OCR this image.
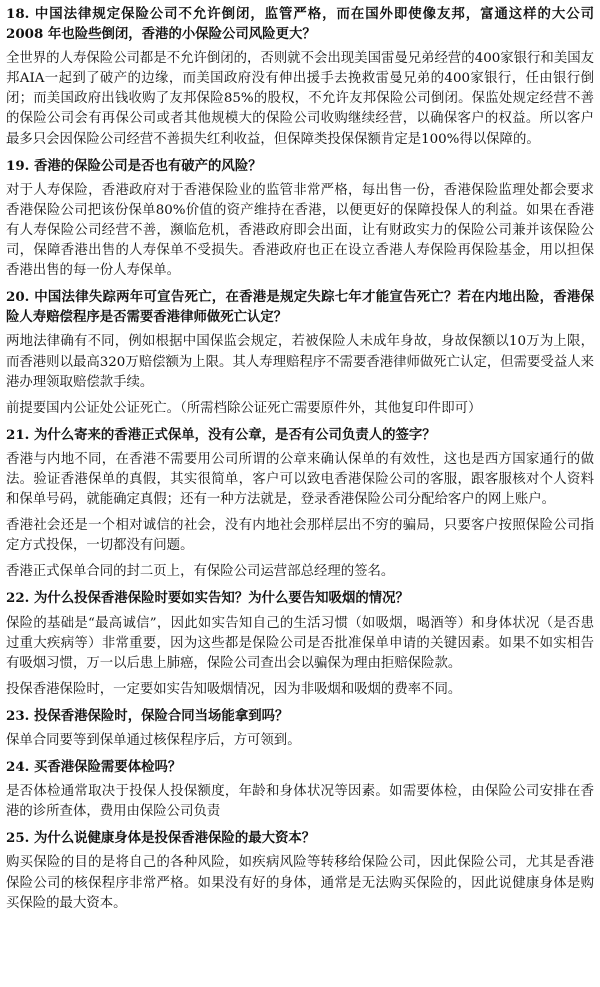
18. 中国法律规定保险公司不允许倒闭，监管严格，而在国外即使像友邦，富通这样的大公司 2008 年也险些倒闭，香港的小保险公司风险更大？

全世界的人寿保险公司都是不允许倒闭的，否则就不会出现美国雷曼兄弟经营的400家银行和美国友邦AIA一起到了破产的边缘，而美国政府没有伸出援手去挽救雷曼兄弟的400家银行，任由银行倒闭；而美国政府出钱收购了友邦保险85%的股权，不允许友邦保险公司倒闭。保监处规定经营不善的保险公司会有再保公司或者其他规模大的保险公司收购继续经营，以确保客户的权益。所以客户最多只会因保险公司经营不善损失红利收益，但保障类投保保额肯定是100%得以保障的。

19. 香港的保险公司是否也有破产的风险？

对于人寿保险，香港政府对于香港保险业的监管非常严格，每出售一份，香港保险监理处都会要求香港保险公司把该份保单80%价值的资产维持在香港，以便更好的保障投保人的利益。如果在香港有人寿保险公司经营不善，濒临危机，香港政府即会出面，让有财政实力的保险公司兼并该保险公司，保障香港出售的人寿保单不受损失。香港政府也正在设立香港人寿保险再保险基金，用以担保香港出售的每一份人寿保单。

20. 中国法律失踪两年可宣告死亡，在香港是规定失踪七年才能宣告死亡？若在内地出险，香港保险人寿赔偿程序是否需要香港律师做死亡认定？

两地法律确有不同，例如根据中国保监会规定，若被保险人未成年身故，身故保额以10万为上限，而香港则以最高320万赔偿额为上限。其人寿理赔程序不需要香港律师做死亡认定，但需要受益人来港办理领取赔偿款手续。

前提要国内公证处公证死亡。（所需档除公证死亡需要原件外，其他复印件即可）

21. 为什么寄来的香港正式保单，没有公章，是否有公司负责人的签字？

香港与内地不同，在香港不需要用公司所谓的公章来确认保单的有效性，这也是西方国家通行的做法。验证香港保单的真假，其实很简单，客户可以致电香港保险公司的客服，跟客服核对个人资料和保单号码，就能确定真假；还有一种方法就是，登录香港保险公司分配给客户的网上账户。

香港社会还是一个相对诚信的社会，没有内地社会那样层出不穷的骗局，只要客户按照保险公司指定方式投保，一切都没有问题。

香港正式保单合同的封二页上，有保险公司运营部总经理的签名。

22. 为什么投保香港保险时要如实告知？为什么要告知吸烟的情况？

保险的基础是“最高诚信”，因此如实告知自己的生活习惯（如吸烟，喝酒等）和身体状况（是否患过重大疾病等）非常重要，因为这些都是保险公司是否批准保单申请的关键因素。如果不如实相告有吸烟习惯，万一以后患上肺癌，保险公司查出会以骗保为理由拒赔保险款。

投保香港保险时，一定要如实告知吸烟情况，因为非吸烟和吸烟的费率不同。

23. 投保香港保险时，保险合同当场能拿到吗？

保单合同要等到保单通过核保程序后，方可领到。

24. 买香港保险需要体检吗？

是否体检通常取决于投保人投保额度，年龄和身体状况等因素。如需要体检，由保险公司安排在香港的诊所查体，费用由保险公司负责

25. 为什么说健康身体是投保香港保险的最大资本？

购买保险的目的是将自己的各种风险，如疾病风险等转移给保险公司，因此保险公司，尤其是香港保险公司的核保程序非常严格。如果没有好的身体，通常是无法购买保险的，因此说健康身体是购买保险的最大资本。
